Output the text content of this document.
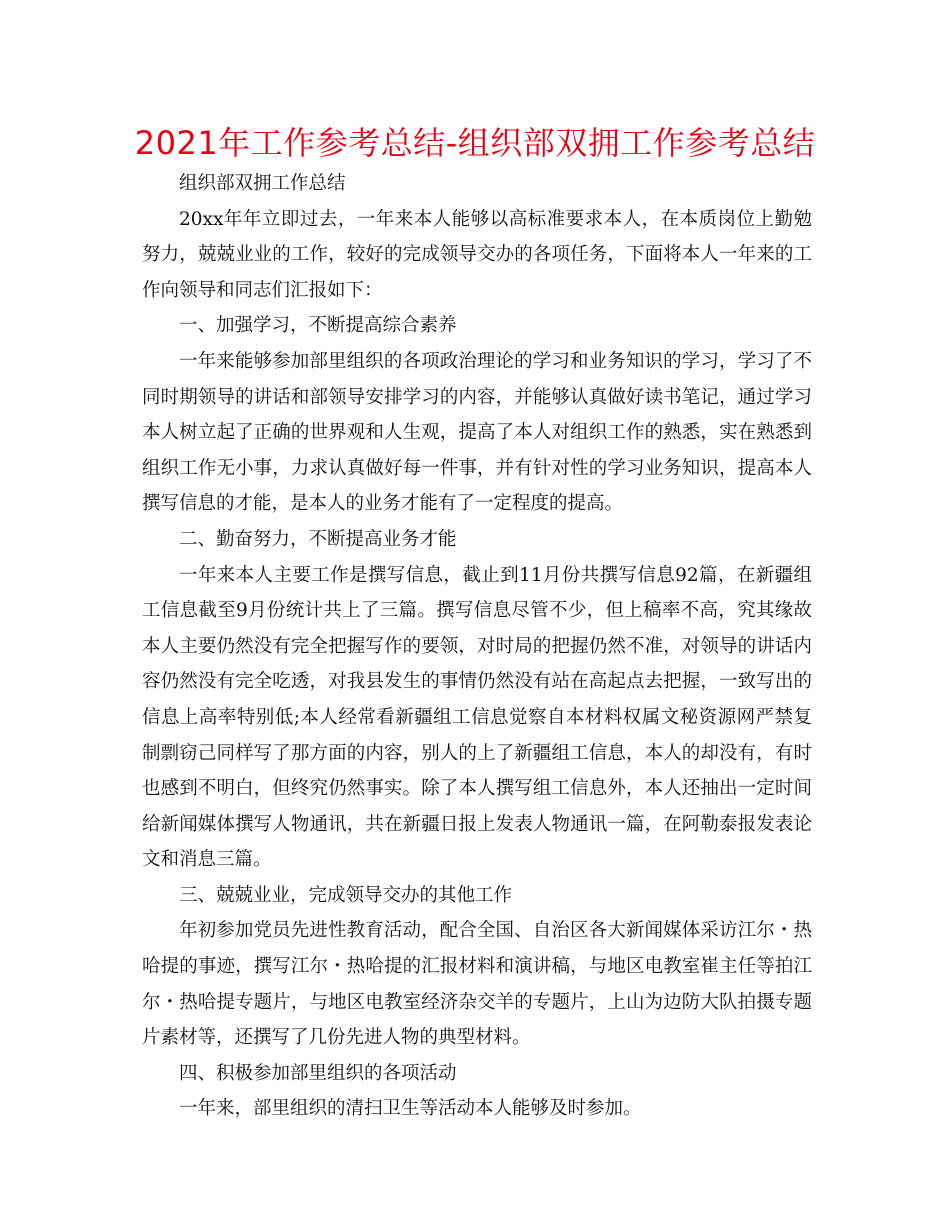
2021年工作参考总结-组织部双拥工作参考总结

组织部双拥工作总结

20xx年年立即过去，一年来本人能够以高标准要求本人，在本质岗位上勤勉努力，兢兢业业的工作，较好的完成领导交办的各项任务，下面将本人一年来的工作向领导和同志们汇报如下：

一、加强学习，不断提高综合素养

一年来能够参加部里组织的各项政治理论的学习和业务知识的学习，学习了不同时期领导的讲话和部领导安排学习的内容，并能够认真做好读书笔记，通过学习本人树立起了正确的世界观和人生观，提高了本人对组织工作的熟悉，实在熟悉到组织工作无小事，力求认真做好每一件事，并有针对性的学习业务知识，提高本人撰写信息的才能，是本人的业务才能有了一定程度的提高。

二、勤奋努力，不断提高业务才能

一年来本人主要工作是撰写信息，截止到11月份共撰写信息92篇，在新疆组工信息截至9月份统计共上了三篇。撰写信息尽管不少，但上稿率不高，究其缘故本人主要仍然没有完全把握写作的要领，对时局的把握仍然不准，对领导的讲话内容仍然没有完全吃透，对我县发生的事情仍然没有站在高起点去把握，一致写出的信息上高率特别低;本人经常看新疆组工信息觉察自本材料权属文秘资源网严禁复制剽窃己同样写了那方面的内容，别人的上了新疆组工信息，本人的却没有，有时也感到不明白，但终究仍然事实。除了本人撰写组工信息外，本人还抽出一定时间给新闻媒体撰写人物通讯，共在新疆日报上发表人物通讯一篇，在阿勒泰报发表论文和消息三篇。

三、兢兢业业，完成领导交办的其他工作

年初参加党员先进性教育活动，配合全国、自治区各大新闻媒体采访江尔・热哈提的事迹，撰写江尔・热哈提的汇报材料和演讲稿，与地区电教室崔主任等拍江尔・热哈提专题片，与地区电教室经济杂交羊的专题片，上山为边防大队拍摄专题片素材等，还撰写了几份先进人物的典型材料。

四、积极参加部里组织的各项活动

一年来，部里组织的清扫卫生等活动本人能够及时参加。
